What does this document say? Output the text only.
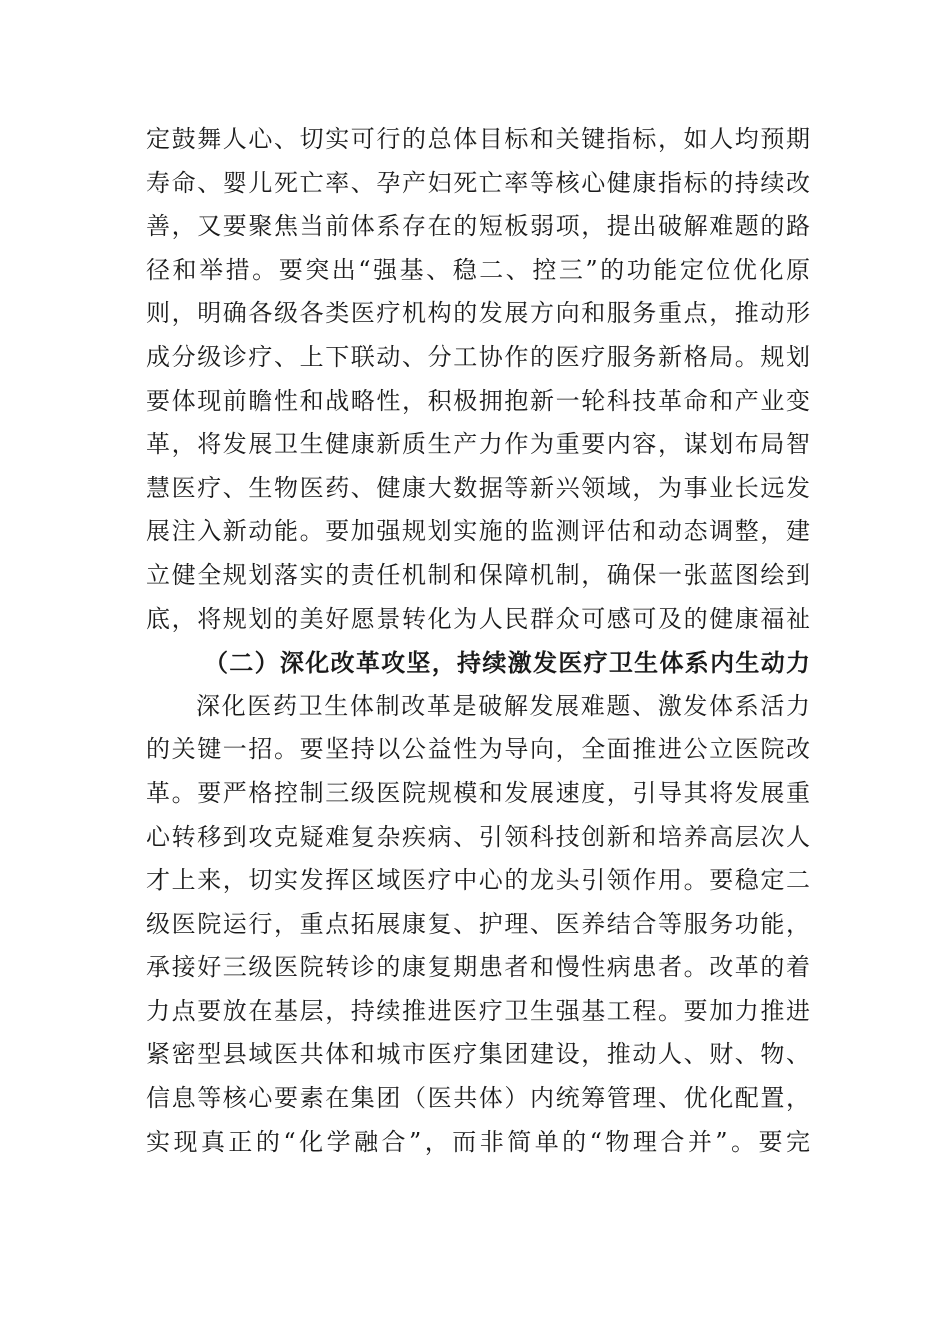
定鼓舞人心、切实可行的总体目标和关键指标，如人均预期
寿命、婴儿死亡率、孕产妇死亡率等核心健康指标的持续改
善，又要聚焦当前体系存在的短板弱项，提出破解难题的路
径和举措。要突出“强基、稳二、控三”的功能定位优化原
则，明确各级各类医疗机构的发展方向和服务重点，推动形
成分级诊疗、上下联动、分工协作的医疗服务新格局。规划
要体现前瞻性和战略性，积极拥抱新一轮科技革命和产业变
革，将发展卫生健康新质生产力作为重要内容，谋划布局智
慧医疗、生物医药、健康大数据等新兴领域，为事业长远发
展注入新动能。要加强规划实施的监测评估和动态调整，建
立健全规划落实的责任机制和保障机制，确保一张蓝图绘到
底，将规划的美好愿景转化为人民群众可感可及的健康福祉
（二）深化改革攻坚，持续激发医疗卫生体系内生动力
深化医药卫生体制改革是破解发展难题、激发体系活力
的关键一招。要坚持以公益性为导向，全面推进公立医院改
革。要严格控制三级医院规模和发展速度，引导其将发展重
心转移到攻克疑难复杂疾病、引领科技创新和培养高层次人
才上来，切实发挥区域医疗中心的龙头引领作用。要稳定二
级医院运行，重点拓展康复、护理、医养结合等服务功能，
承接好三级医院转诊的康复期患者和慢性病患者。改革的着
力点要放在基层，持续推进医疗卫生强基工程。要加力推进
紧密型县域医共体和城市医疗集团建设，推动人、财、物、
信息等核心要素在集团（医共体）内统筹管理、优化配置，
实现真正的“化学融合”，而非简单的“物理合并”。要完
